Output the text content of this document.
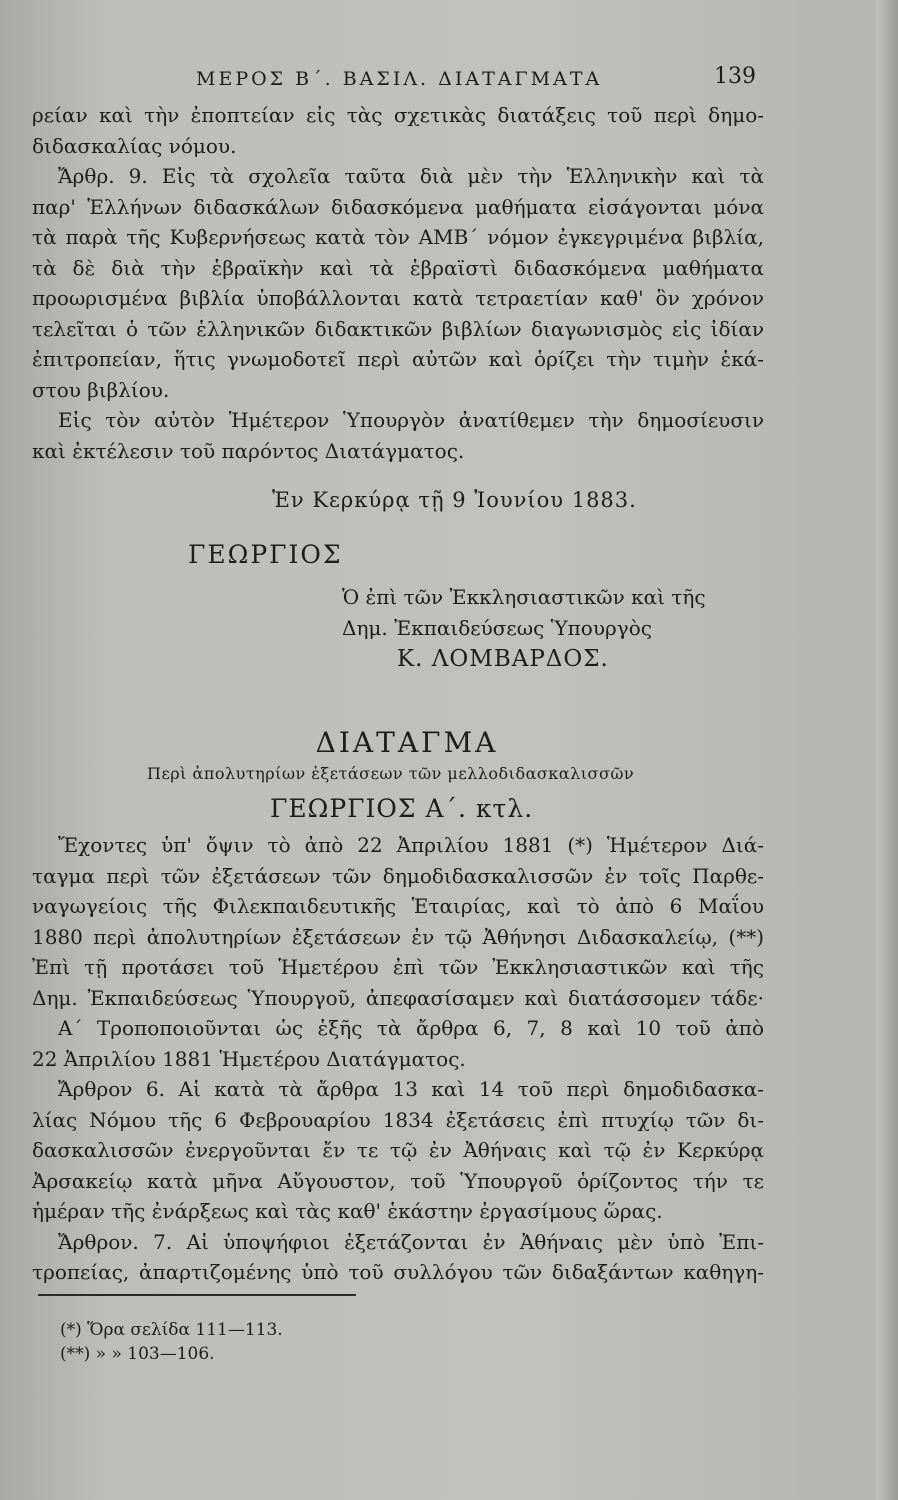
ΜΕΡΟΣ Β΄. ΒΑΣΙΛ. ΔΙΑΤΑΓΜΑΤΑ	139
ρείαν καὶ τὴν ἐποπτείαν εἰς τὰς σχετικὰς διατάξεις τοῦ περὶ δημο-
διδασκαλίας νόμου.
Ἄρθρ. 9. Εἰς τὰ σχολεῖα ταῦτα διὰ μὲν τὴν Ἑλληνικὴν καὶ τὰ
παρ' Ἑλλήνων διδασκάλων διδασκόμενα μαθήματα εἰσάγονται μόνα
τὰ παρὰ τῆς Κυβερνήσεως κατὰ τὸν ΑΜΒ΄ νόμον ἐγκεγριμένα βιβλία,
τὰ δὲ διὰ τὴν ἑβραϊκὴν καὶ τὰ ἑβραϊστὶ διδασκόμενα μαθήματα
προωρισμένα βιβλία ὑποβάλλονται κατὰ τετραετίαν καθ' ὃν χρόνον
τελεῖται ὁ τῶν ἑλληνικῶν διδακτικῶν βιβλίων διαγωνισμὸς εἰς ἰδίαν
ἐπιτροπείαν, ἥτις γνωμοδοτεῖ περὶ αὐτῶν καὶ ὁρίζει τὴν τιμὴν ἑκά-
στου βιβλίου.
Εἰς τὸν αὐτὸν Ἡμέτερον Ὑπουργὸν ἀνατίθεμεν τὴν δημοσίευσιν
καὶ ἐκτέλεσιν τοῦ παρόντος Διατάγματος.
Ἐν Κερκύρᾳ τῇ 9 Ἰουνίου 1883.
ΓΕΩΡΓΙΟΣ
Ὁ ἐπὶ τῶν Ἐκκλησιαστικῶν καὶ τῆς
Δημ. Ἐκπαιδεύσεως Ὑπουργὸς
Κ. ΛΟΜΒΑΡΔΟΣ.
ΔΙΑΤΑΓΜΑ
Περὶ ἀπολυτηρίων ἐξετάσεων τῶν μελλοδιδασκαλισσῶν
ΓΕΩΡΓΙΟΣ Α΄. κτλ.
Ἔχοντες ὑπ' ὄψιν τὸ ἀπὸ 22 Ἀπριλίου 1881 (*) Ἡμέτερον Διά-
ταγμα περὶ τῶν ἐξετάσεων τῶν δημοδιδασκαλισσῶν ἐν τοῖς Παρθε-
ναγωγείοις τῆς Φιλεκπαιδευτικῆς Ἑταιρίας, καὶ τὸ ἀπὸ 6 Μαΐου
1880 περὶ ἀπολυτηρίων ἐξετάσεων ἐν τῷ Ἀθήνησι Διδασκαλείῳ, (**)
Ἐπὶ τῇ προτάσει τοῦ Ἡμετέρου ἐπὶ τῶν Ἐκκλησιαστικῶν καὶ τῆς
Δημ. Ἐκπαιδεύσεως Ὑπουργοῦ, ἀπεφασίσαμεν καὶ διατάσσομεν τάδε·
Α΄ Τροποποιοῦνται ὡς ἑξῆς τὰ ἄρθρα 6, 7, 8 καὶ 10 τοῦ ἀπὸ
22 Ἀπριλίου 1881 Ἡμετέρου Διατάγματος.
Ἄρθρον 6. Αἱ κατὰ τὰ ἄρθρα 13 καὶ 14 τοῦ περὶ δημοδιδασκα-
λίας Νόμου τῆς 6 Φεβρουαρίου 1834 ἐξετάσεις ἐπὶ πτυχίῳ τῶν δι-
δασκαλισσῶν ἐνεργοῦνται ἔν τε τῷ ἐν Ἀθήναις καὶ τῷ ἐν Κερκύρᾳ
Ἀρσακείῳ κατὰ μῆνα Αὔγουστον, τοῦ Ὑπουργοῦ ὁρίζοντος τήν τε
ἡμέραν τῆς ἐνάρξεως καὶ τὰς καθ' ἑκάστην ἐργασίμους ὥρας.
Ἄρθρον. 7. Αἱ ὑποψήφιοι ἐξετάζονται ἐν Ἀθήναις μὲν ὑπὸ Ἐπι-
τροπείας, ἀπαρτιζομένης ὑπὸ τοῦ συλλόγου τῶν διδαξάντων καθηγη-
(*) Ὅρα σελίδα 111—113.
(**) » » 103—106.
